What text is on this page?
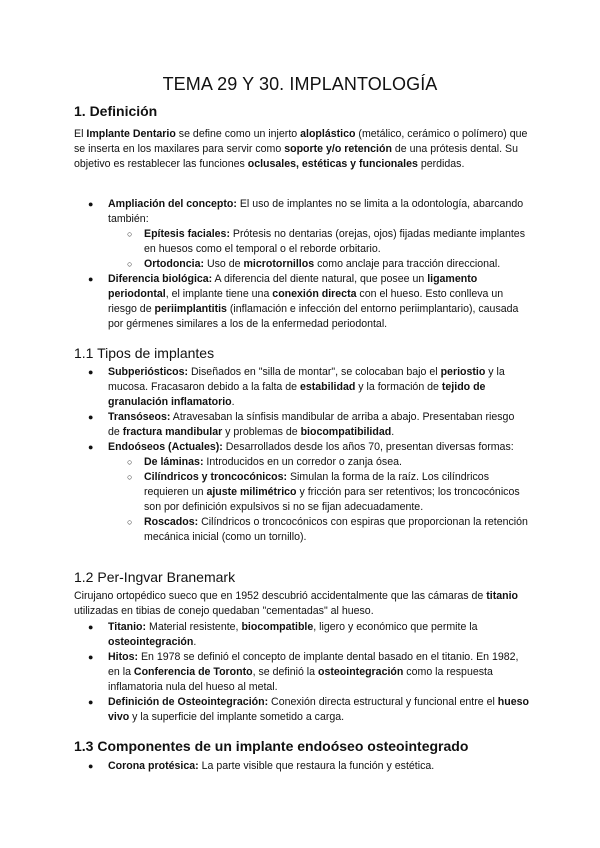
TEMA 29 Y 30. IMPLANTOLOGÍA
1. Definición

El Implante Dentario se define como un injerto aloplástico (metálico, cerámico o polímero) que se inserta en los maxilares para servir como soporte y/o retención de una prótesis dental. Su objetivo es restablecer las funciones oclusales, estéticas y funcionales perdidas.

● Ampliación del concepto: El uso de implantes no se limita a la odontología, abarcando también:
○ Epítesis faciales: Prótesis no dentarias (orejas, ojos) fijadas mediante implantes en huesos como el temporal o el reborde orbitario.
○ Ortodoncia: Uso de microtornillos como anclaje para tracción direccional.
● Diferencia biológica: A diferencia del diente natural, que posee un ligamento periodontal, el implante tiene una conexión directa con el hueso. Esto conlleva un riesgo de periimplantitis (inflamación e infección del entorno periimplantario), causada por gérmenes similares a los de la enfermedad periodontal.
1.1 Tipos de implantes
● Subperiósticos: Diseñados en "silla de montar", se colocaban bajo el periostio y la mucosa. Fracasaron debido a la falta de estabilidad y la formación de tejido de granulación inflamatorio.
● Transóseos: Atravesaban la sínfisis mandibular de arriba a abajo. Presentaban riesgo de fractura mandibular y problemas de biocompatibilidad.
● Endoóseos (Actuales): Desarrollados desde los años 70, presentan diversas formas:
○ De láminas: Introducidos en un corredor o zanja ósea.
○ Cilíndricos y troncocónicos: Simulan la forma de la raíz. Los cilíndricos requieren un ajuste milimétrico y fricción para ser retentivos; los troncocónicos son por definición expulsivos si no se fijan adecuadamente.
○ Roscados: Cilíndricos o troncocónicos con espiras que proporcionan la retención mecánica inicial (como un tornillo).
1.2 Per-Ingvar Branemark

Cirujano ortopédico sueco que en 1952 descubrió accidentalmente que las cámaras de titanio utilizadas en tibias de conejo quedaban "cementadas" al hueso.

● Titanio: Material resistente, biocompatible, ligero y económico que permite la osteointegración.
● Hitos: En 1978 se definió el concepto de implante dental basado en el titanio. En 1982, en la Conferencia de Toronto, se definió la osteointegración como la respuesta inflamatoria nula del hueso al metal.
● Definición de Osteointegración: Conexión directa estructural y funcional entre el hueso vivo y la superficie del implante sometido a carga.
1.3 Componentes de un implante endoóseo osteointegrado
● Corona protésica: La parte visible que restaura la función y estética.
